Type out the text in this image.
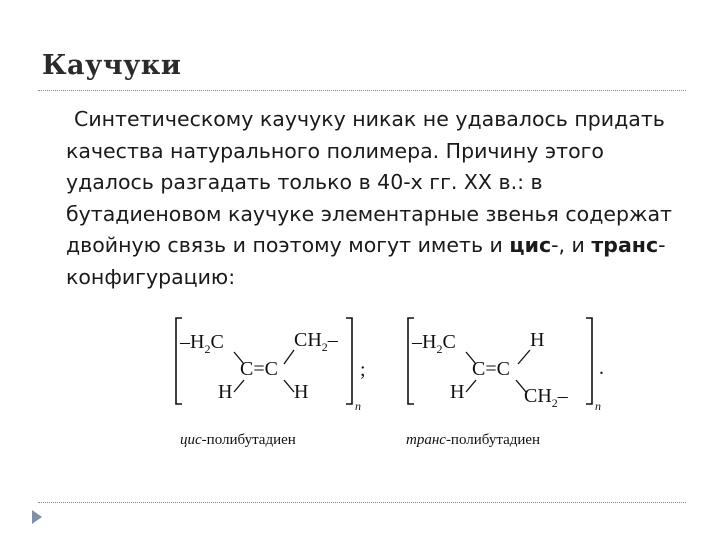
Каучуки
Синтетическому каучуку никак не удавалось придать качества натурального полимера. Причину этого удалось разгадать только в 40-х гг. XX в.: в бутадиеновом каучуке элементарные звенья содержат двойную связь и поэтому могут иметь и цис-, и транс-конфигурацию:
$-H_2C$	$CH_2-$
C=C
H	H
n
;
цис-полибутадиен
$-H_2C$	H
C=C
H	$CH_2-$ n
.
транс-полибутадиен
